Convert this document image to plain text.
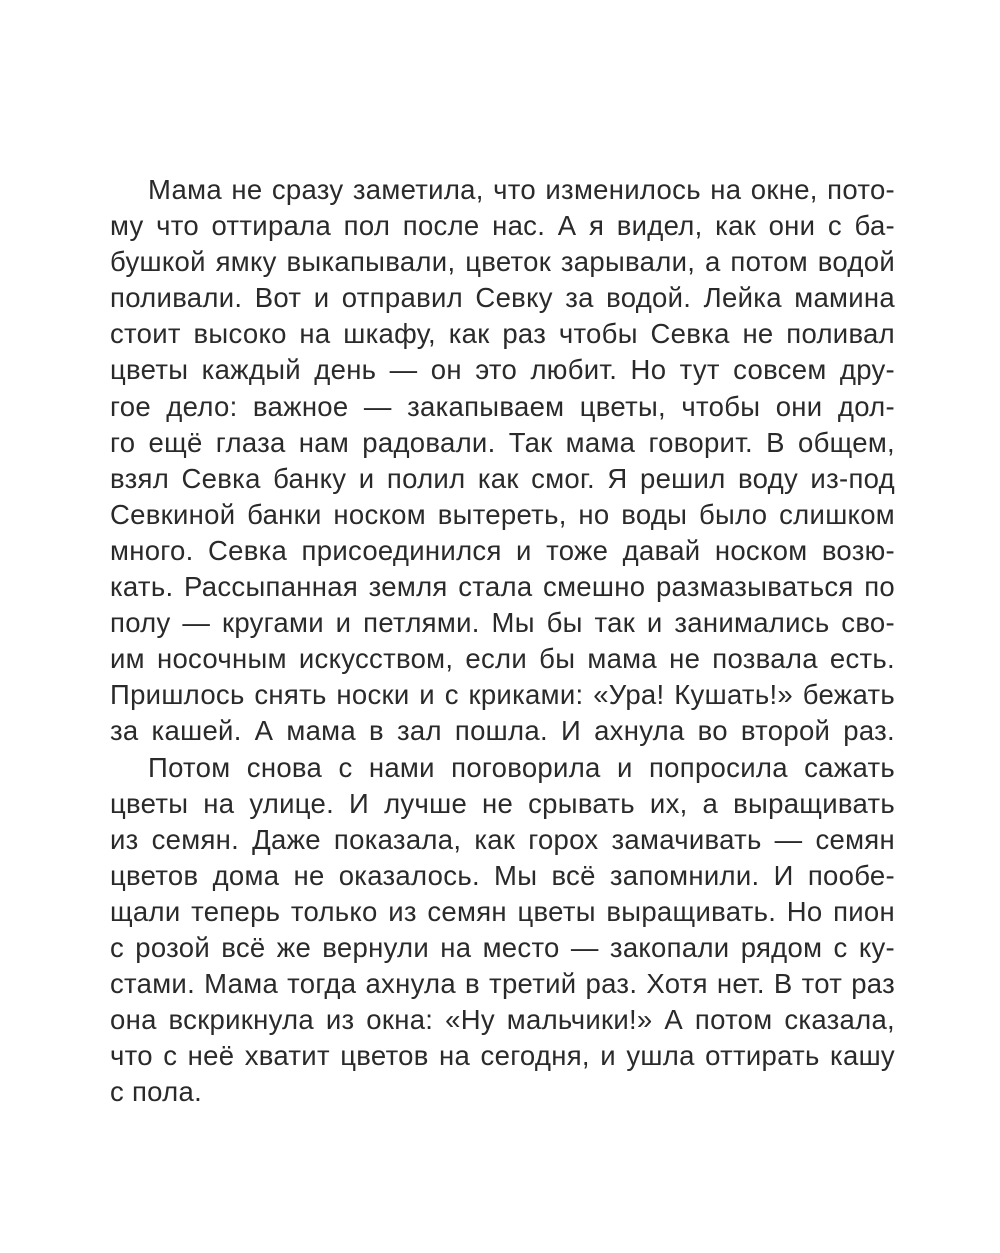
Мама не сразу заметила, что изменилось на окне, пото-
му что оттирала пол после нас. А я видел, как они с ба-
бушкой ямку выкапывали, цветок зарывали, а потом водой
поливали. Вот и отправил Севку за водой. Лейка мамина
стоит высоко на шкафу, как раз чтобы Севка не поливал
цветы каждый день — он это любит. Но тут совсем дру-
гое дело: важное — закапываем цветы, чтобы они дол-
го ещё глаза нам радовали. Так мама говорит. В общем,
взял Севка банку и полил как смог. Я решил воду из-под
Севкиной банки носком вытереть, но воды было слишком
много. Севка присоединился и тоже давай носком возю-
кать. Рассыпанная земля стала смешно размазываться по
полу — кругами и петлями. Мы бы так и занимались сво-
им носочным искусством, если бы мама не позвала есть.
Пришлось снять носки и с криками: «Ура! Кушать!» бежать
за кашей. А мама в зал пошла. И ахнула во второй раз.
Потом снова с нами поговорила и попросила сажать
цветы на улице. И лучше не срывать их, а выращивать
из семян. Даже показала, как горох замачивать — семян
цветов дома не оказалось. Мы всё запомнили. И пообе-
щали теперь только из семян цветы выращивать. Но пион
с розой всё же вернули на место — закопали рядом с ку-
стами. Мама тогда ахнула в третий раз. Хотя нет. В тот раз
она вскрикнула из окна: «Ну мальчики!» А потом сказала,
что с неё хватит цветов на сегодня, и ушла оттирать кашу
с пола.
